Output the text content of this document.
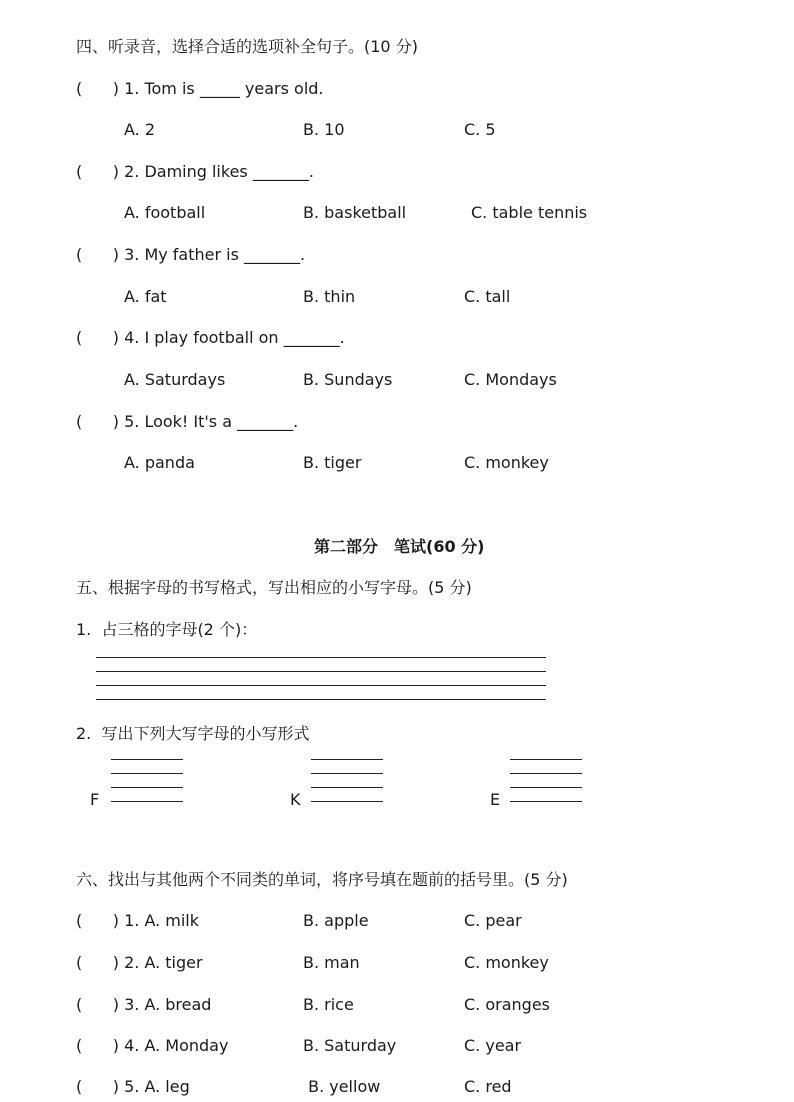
四、听录音，选择合适的选项补全句子。(10 分)
(      ) 1. Tom is _____ years old.
A. 2	B. 10	C. 5
(      ) 2. Daming likes _______.
A. football	B. basketball	C. table tennis
(      ) 3. My father is _______.
A. fat	B. thin	C. tall
(      ) 4. I play football on _______.
A. Saturdays	B. Sundays	C. Mondays
(      ) 5. Look! It's a _______.
A. panda	B. tiger	C. monkey
第二部分　笔试(60 分)
五、根据字母的书写格式，写出相应的小写字母。(5 分)
1.  占三格的字母(2 个)：
2.  写出下列大写字母的小写形式
F	K	E
六、找出与其他两个不同类的单词，将序号填在题前的括号里。(5 分)
(      ) 1. A. milk	B. apple	C. pear
(      ) 2. A. tiger	B. man	C. monkey
(      ) 3. A. bread	B. rice	C. oranges
(      ) 4. A. Monday	B. Saturday	C. year
(      ) 5. A. leg	B. yellow	C. red
